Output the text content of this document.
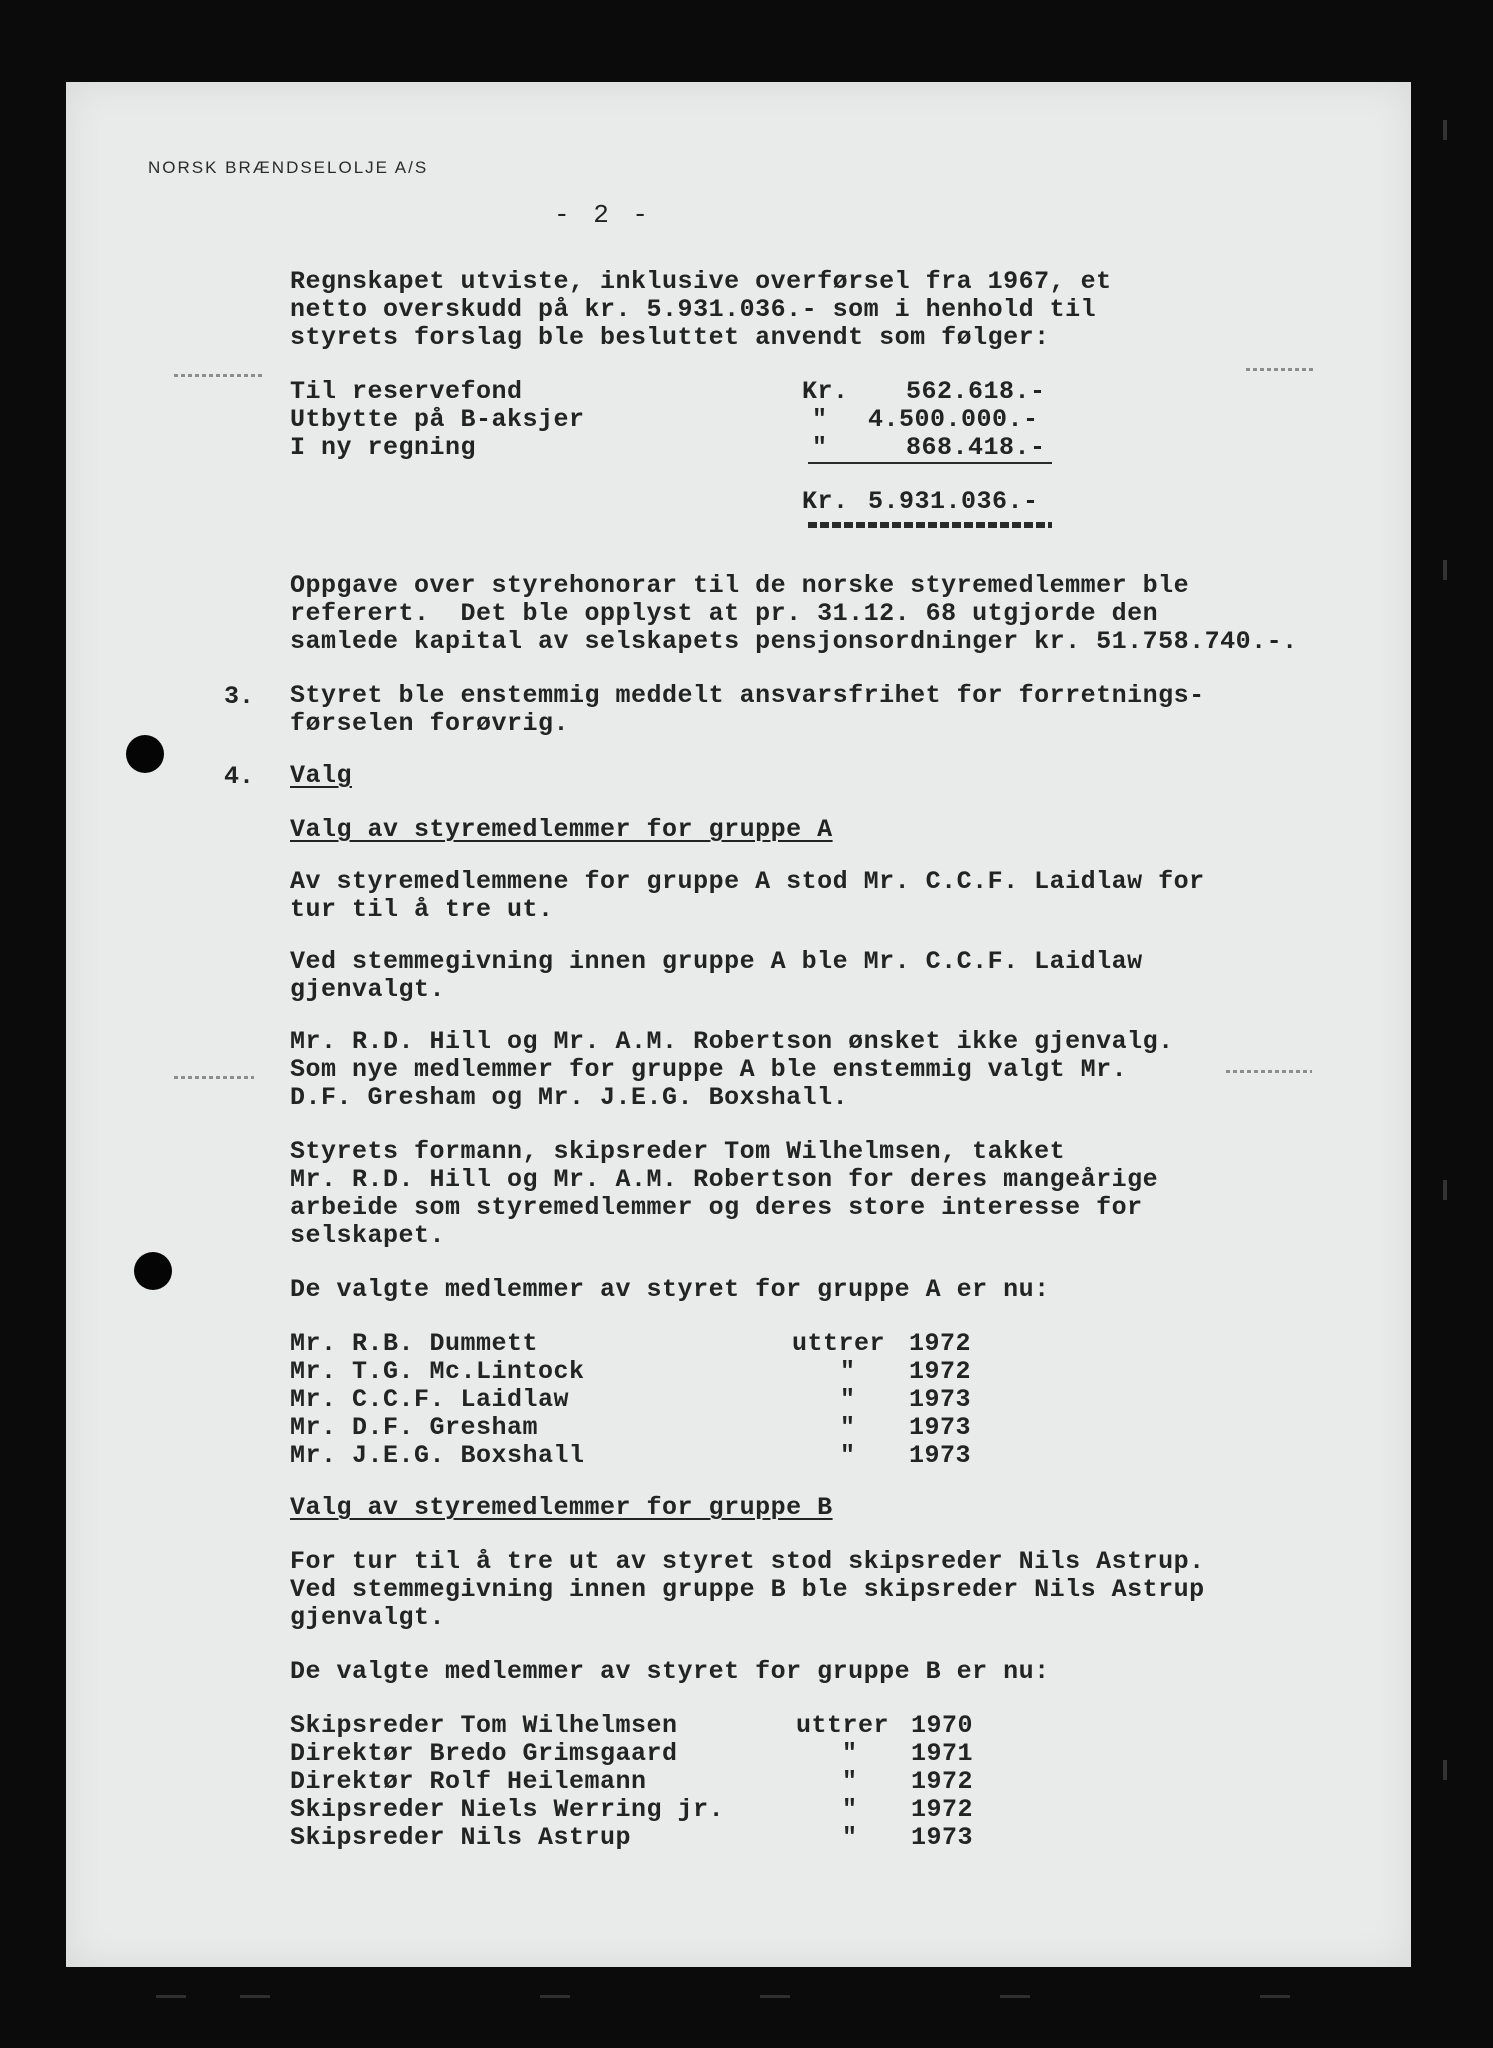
NORSK BRÆNDSELOLJE A/S
- 2 -
Regnskapet utviste, inklusive overførsel fra 1967, et
netto overskudd på kr. 5.931.036.- som i henhold til
styrets forslag ble besluttet anvendt som følger:
Til reservefond	Kr. 562.618.-
Utbytte på B-aksjer	" 4.500.000.-
I ny regning	"	868.418.-
Kr. 5.931.036.-
Oppgave over styrehonorar til de norske styremedlemmer ble
referert.  Det ble opplyst at pr. 31.12. 68 utgjorde den
samlede kapital av selskapets pensjonsordninger kr. 51.758.740.-.
3. Styret ble enstemmig meddelt ansvarsfrihet for forretnings-
førselen forøvrig.
4. Valg
Valg av styremedlemmer for gruppe A
Av styremedlemmene for gruppe A stod Mr. C.C.F. Laidlaw for
tur til å tre ut.
Ved stemmegivning innen gruppe A ble Mr. C.C.F. Laidlaw
gjenvalgt.
Mr. R.D. Hill og Mr. A.M. Robertson ønsket ikke gjenvalg.
Som nye medlemmer for gruppe A ble enstemmig valgt Mr.
D.F. Gresham og Mr. J.E.G. Boxshall.
Styrets formann, skipsreder Tom Wilhelmsen, takket
Mr. R.D. Hill og Mr. A.M. Robertson for deres mangeårige
arbeide som styremedlemmer og deres store interesse for
selskapet.
De valgte medlemmer av styret for gruppe A er nu:
Mr. R.B. Dummett	uttrer 1972
Mr. T.G. Mc.Lintock	" 1972
Mr. C.C.F. Laidlaw	" 1973
Mr. D.F. Gresham	" 1973
Mr. J.E.G. Boxshall	" 1973
Valg av styremedlemmer for gruppe B
For tur til å tre ut av styret stod skipsreder Nils Astrup.
Ved stemmegivning innen gruppe B ble skipsreder Nils Astrup
gjenvalgt.
De valgte medlemmer av styret for gruppe B er nu:
Skipsreder Tom Wilhelmsen	uttrer 1970
Direktør Bredo Grimsgaard	" 1971
Direktør Rolf Heilemann	" 1972
Skipsreder Niels Werring jr.	" 1972
Skipsreder Nils Astrup	" 1973
